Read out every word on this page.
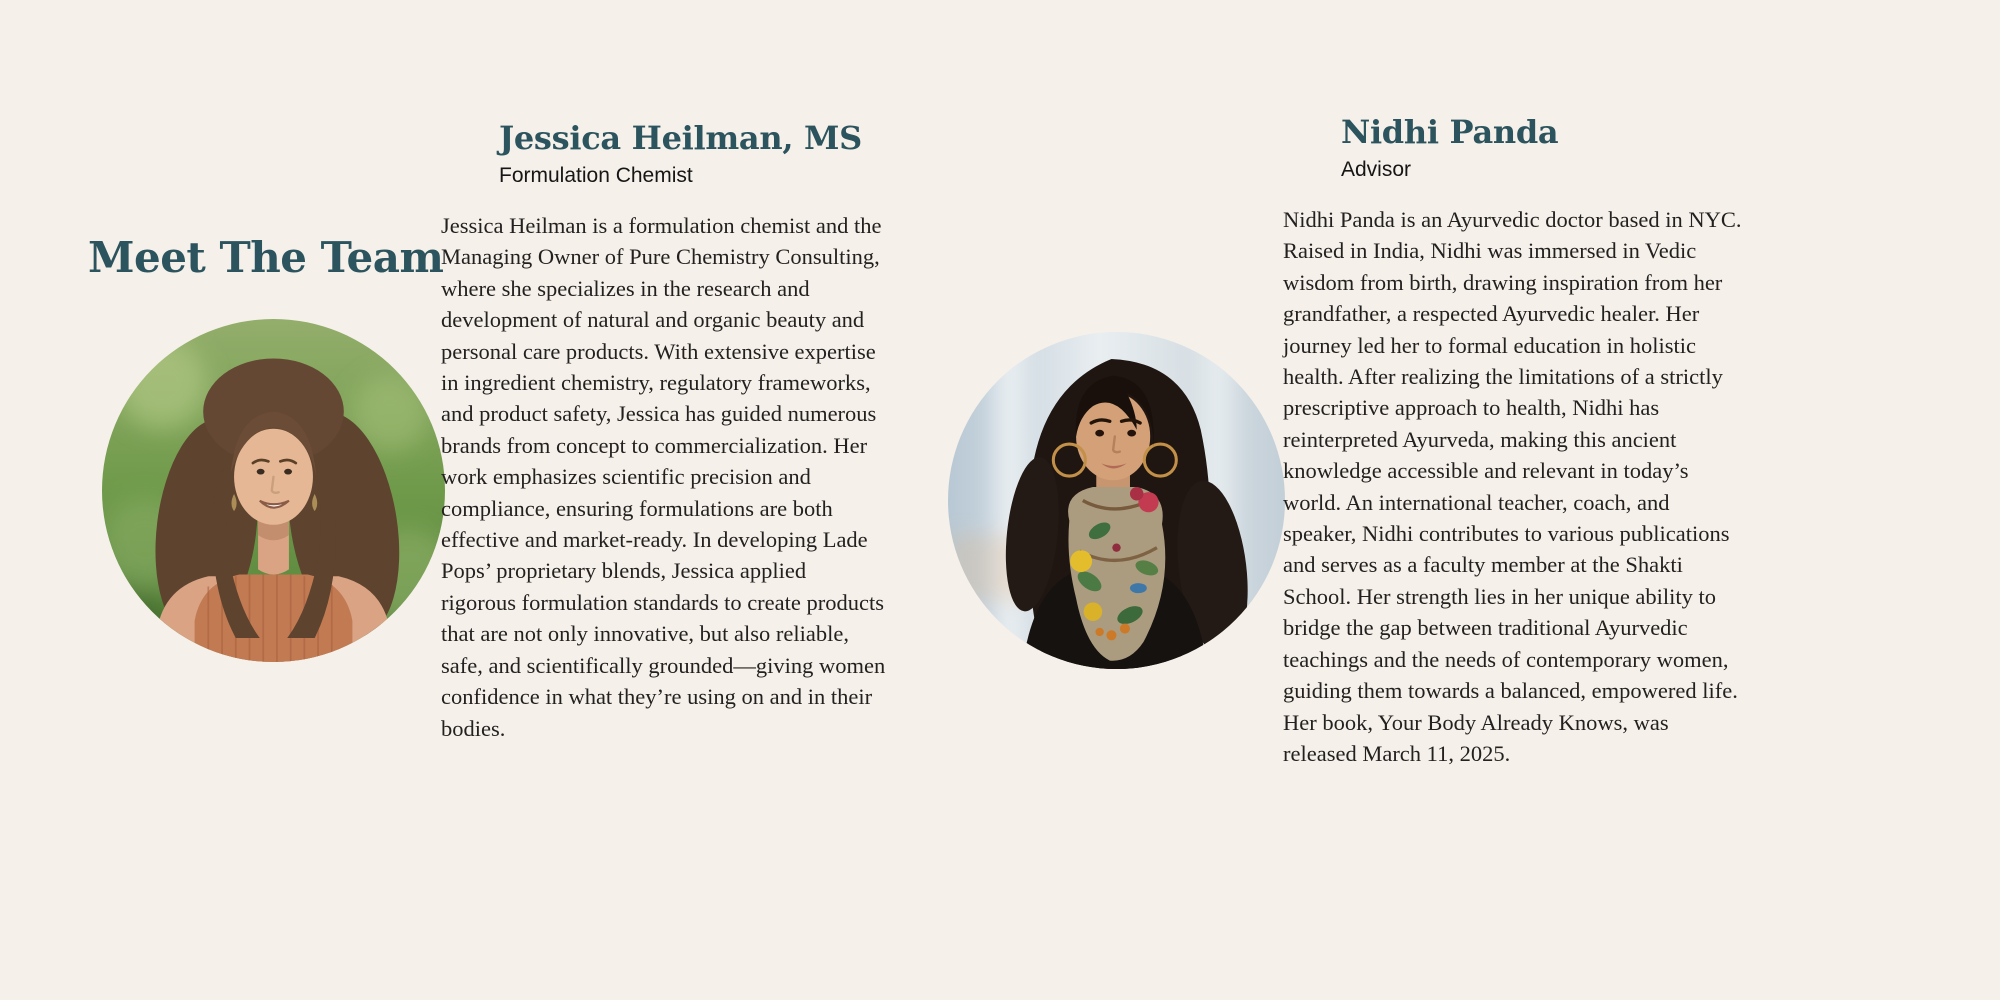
Meet The Team
Jessica Heilman, MS
Formulation Chemist

Jessica Heilman is a formulation chemist and the Managing Owner of Pure Chemistry Consulting, where she specializes in the research and development of natural and organic beauty and personal care products. With extensive expertise in ingredient chemistry, regulatory frameworks, and product safety, Jessica has guided numerous brands from concept to commercialization. Her work emphasizes scientific precision and compliance, ensuring formulations are both effective and market-ready. In developing Lade Pops’ proprietary blends, Jessica applied rigorous formulation standards to create products that are not only innovative, but also reliable, safe, and scientifically grounded—giving women confidence in what they’re using on and in their bodies.

Nidhi Panda
Advisor

Nidhi Panda is an Ayurvedic doctor based in NYC. Raised in India, Nidhi was immersed in Vedic wisdom from birth, drawing inspiration from her grandfather, a respected Ayurvedic healer. Her journey led her to formal education in holistic health. After realizing the limitations of a strictly prescriptive approach to health, Nidhi has reinterpreted Ayurveda, making this ancient knowledge accessible and relevant in today’s world. An international teacher, coach, and speaker, Nidhi contributes to various publications and serves as a faculty member at the Shakti School. Her strength lies in her unique ability to bridge the gap between traditional Ayurvedic teachings and the needs of contemporary women, guiding them towards a balanced, empowered life. Her book, Your Body Already Knows, was released March 11, 2025.
